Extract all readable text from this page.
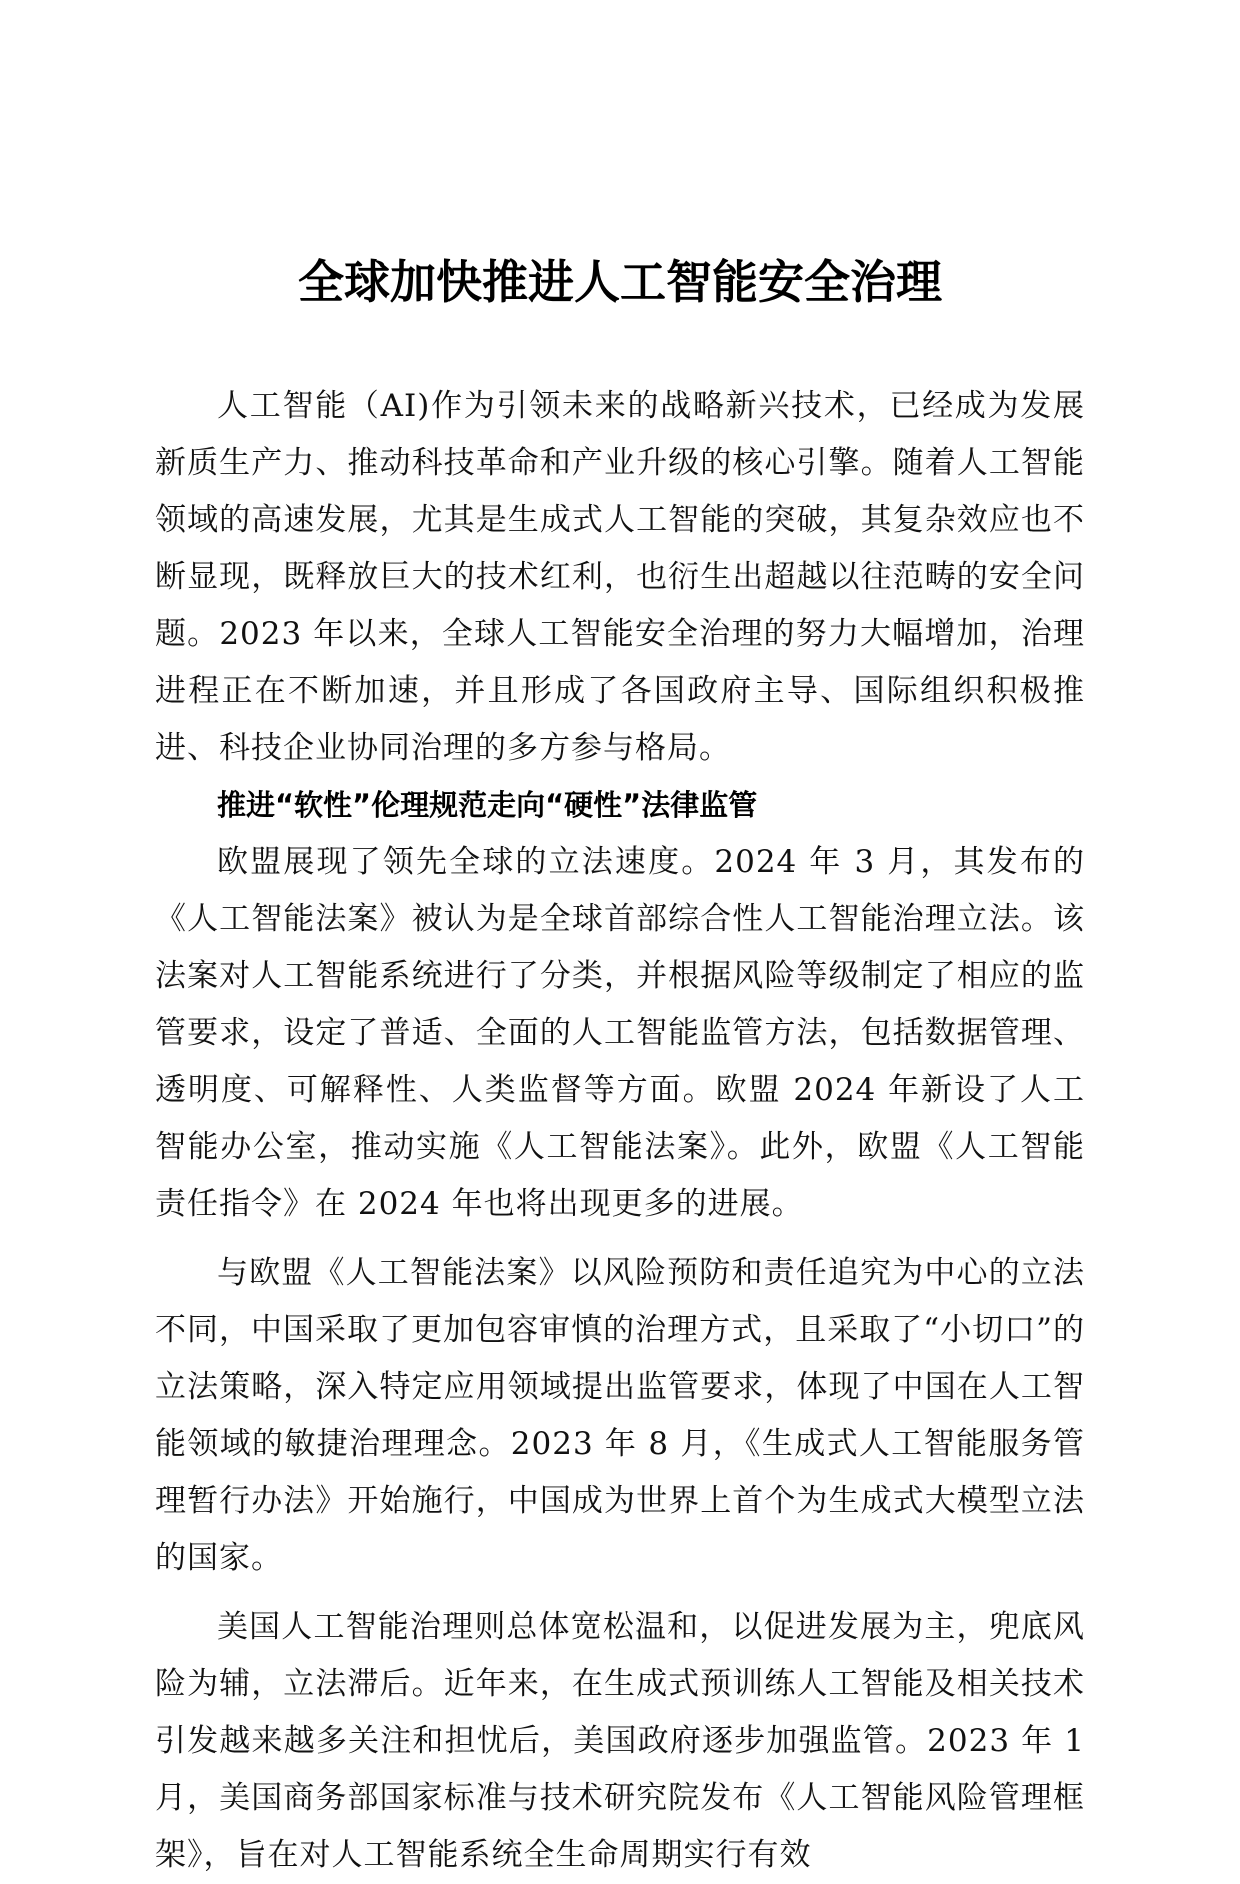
全球加快推进人工智能安全治理

人工智能（AI)作为引领未来的战略新兴技术，已经成为发展新质生产力、推动科技革命和产业升级的核心引擎。随着人工智能领域的高速发展，尤其是生成式人工智能的突破，其复杂效应也不断显现，既释放巨大的技术红利，也衍生出超越以往范畴的安全问题。2023 年以来，全球人工智能安全治理的努力大幅增加，治理进程正在不断加速，并且形成了各国政府主导、国际组织积极推进、科技企业协同治理的多方参与格局。

推进“软性”伦理规范走向“硬性”法律监管

欧盟展现了领先全球的立法速度。2024 年 3 月，其发布的《人工智能法案》被认为是全球首部综合性人工智能治理立法。该法案对人工智能系统进行了分类，并根据风险等级制定了相应的监管要求，设定了普适、全面的人工智能监管方法，包括数据管理、透明度、可解释性、人类监督等方面。欧盟 2024 年新设了人工智能办公室，推动实施《人工智能法案》。此外，欧盟《人工智能责任指令》在 2024 年也将出现更多的进展。

与欧盟《人工智能法案》以风险预防和责任追究为中心的立法不同，中国采取了更加包容审慎的治理方式，且采取了“小切口”的立法策略，深入特定应用领域提出监管要求，体现了中国在人工智能领域的敏捷治理理念。2023 年 8 月，《生成式人工智能服务管理暂行办法》开始施行，中国成为世界上首个为生成式大模型立法的国家。

美国人工智能治理则总体宽松温和，以促进发展为主，兜底风险为辅，立法滞后。近年来，在生成式预训练人工智能及相关技术引发越来越多关注和担忧后，美国政府逐步加强监管。2023 年 1 月，美国商务部国家标准与技术研究院发布《人工智能风险管理框架》，旨在对人工智能系统全生命周期实行有效
